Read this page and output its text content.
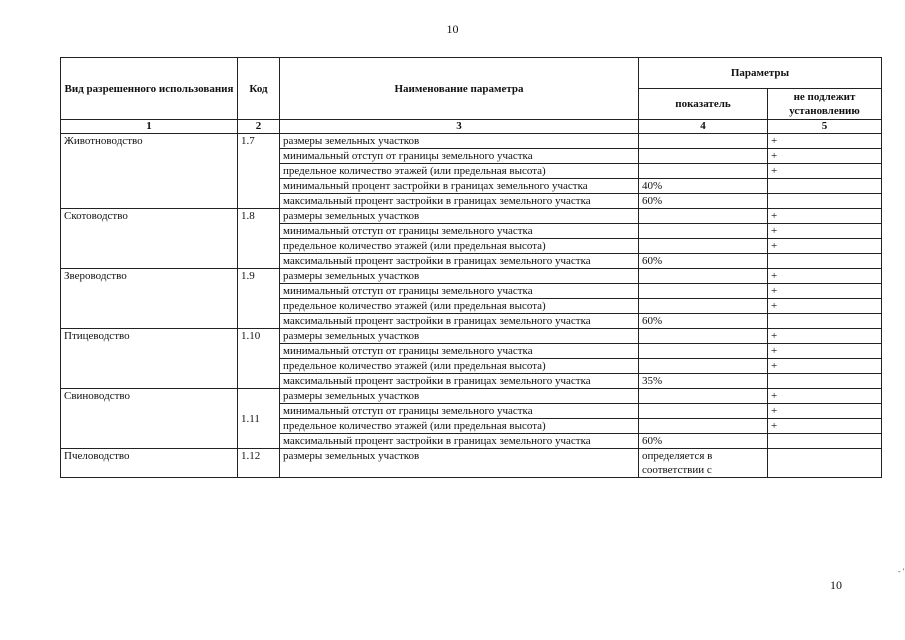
10
Вид разрешенного использования	Код	Наименование параметра	Параметры	
			показатель	не подлежит установлению
1	2	3	4	5
Животноводство	1.7	размеры земельных участков		+
		минимальный отступ от границы земельного участка		+
		предельное количество этажей (или предельная высота)		+
		минимальный процент застройки в границах земельного участка	40%	
		максимальный процент застройки в границах земельного участка	60%	
Скотоводство	1.8	размеры земельных участков		+
		минимальный отступ от границы земельного участка		+
		предельное количество этажей (или предельная высота)		+
		максимальный процент застройки в границах земельного участка	60%	
Звероводство	1.9	размеры земельных участков		+
		минимальный отступ от границы земельного участка		+
		предельное количество этажей (или предельная высота)		+
		максимальный процент застройки в границах земельного участка	60%	
Птицеводство	1.10	размеры земельных участков		+
		минимальный отступ от границы земельного участка		+
		предельное количество этажей (или предельная высота)		+
		максимальный процент застройки в границах земельного участка	35%	
Свиноводство	1.11	размеры земельных участков		+
		минимальный отступ от границы земельного участка		+
		предельное количество этажей (или предельная высота)		+
		максимальный процент застройки в границах земельного участка	60%	
Пчеловодство	1.12	размеры земельных участков	определяется в соответствии с	
10
- '
